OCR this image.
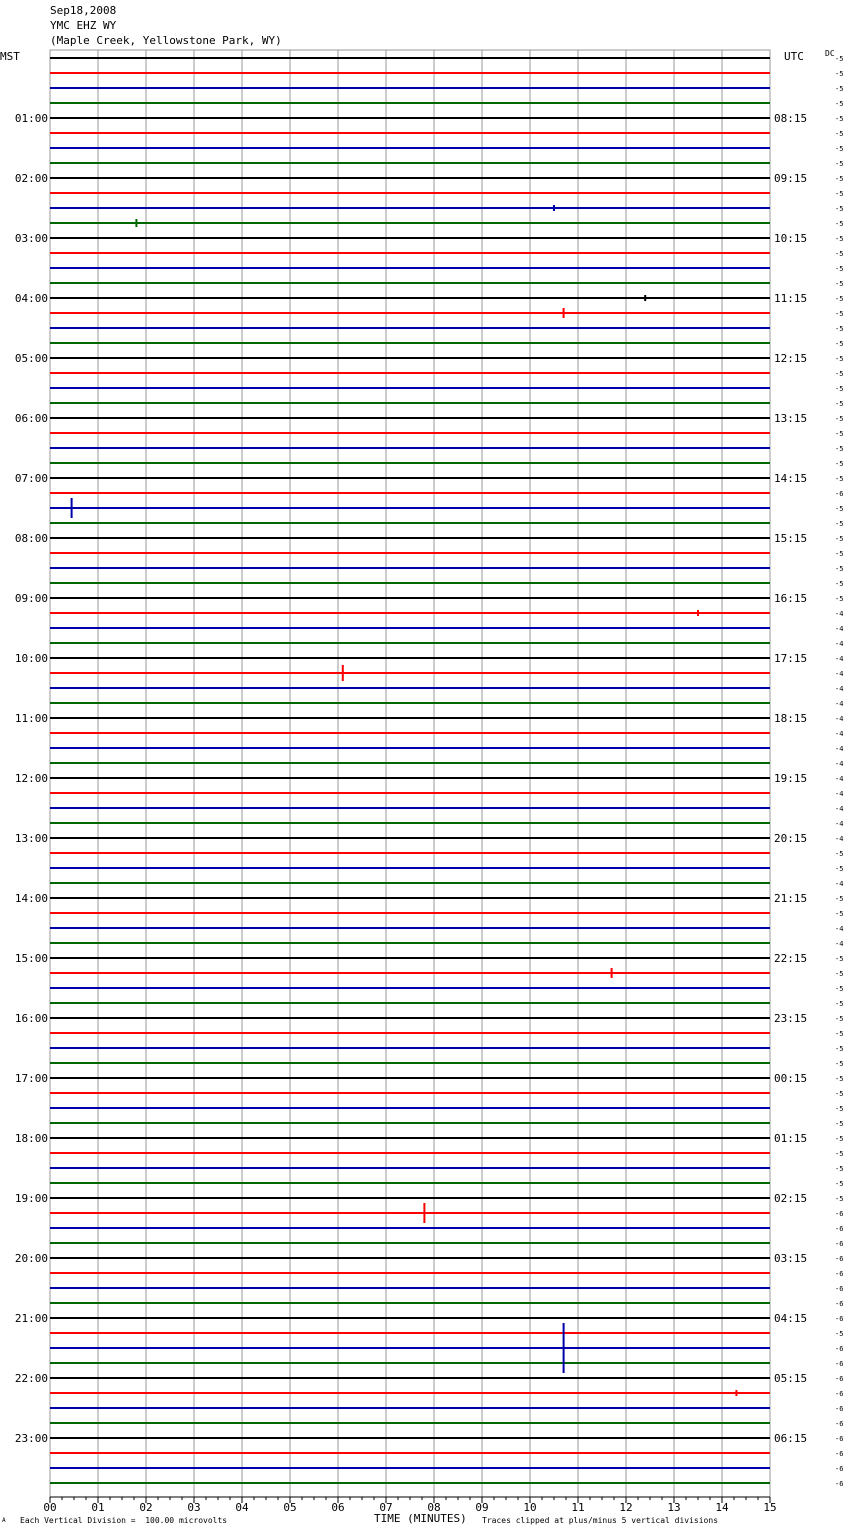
Sep18,2008
YMC EHZ WY
(Maple Creek, Yellowstone Park, WY)
MST	UTC	DC
01:00
02:00
03:00
04:00
05:00
06:00
07:00
08:00
09:00
10:00
11:00
12:00
13:00
14:00
15:00
16:00
17:00
18:00
19:00
20:00
21:00
22:00
23:00
08:15
09:15
10:15
11:15
12:15
13:15
14:15
15:15
16:15
17:15
18:15
19:15
20:15
21:15
22:15
23:15
00:15
01:15
02:15
03:15
04:15
05:15
06:15
-5
-5
-5
-5
-5
-5
-5
-5
-5
-5
-5
-5
-5
-5
-5
-5
-5
-5
-5
-5
-5
-5
-5
-5
-5
-5
-5
-5
-5
-6
-5
-5
-5
-5
-5
-5
-5
-4
-4
-4
-4
-4
-4
-4
-4
-4
-4
-4
-4
-4
-4
-4
-4
-5
-5
-4
-5
-5
-4
-4
-5
-5
-5
-5
-5
-5
-5
-5
-5
-5
-5
-5
-5
-5
-5
-5
-5
-6
-6
-6
-6
-6
-6
-6
-6
-5
-6
-6
-6
-6
-6
-6
-6
-6
-6
-6
00	01	02	03	04	05	06	07	08	09	10	11	12	13	14	15
A Each Vertical Division =  100.00 microvolts	TIME (MINUTES) Traces clipped at plus/minus 5 vertical divisions
